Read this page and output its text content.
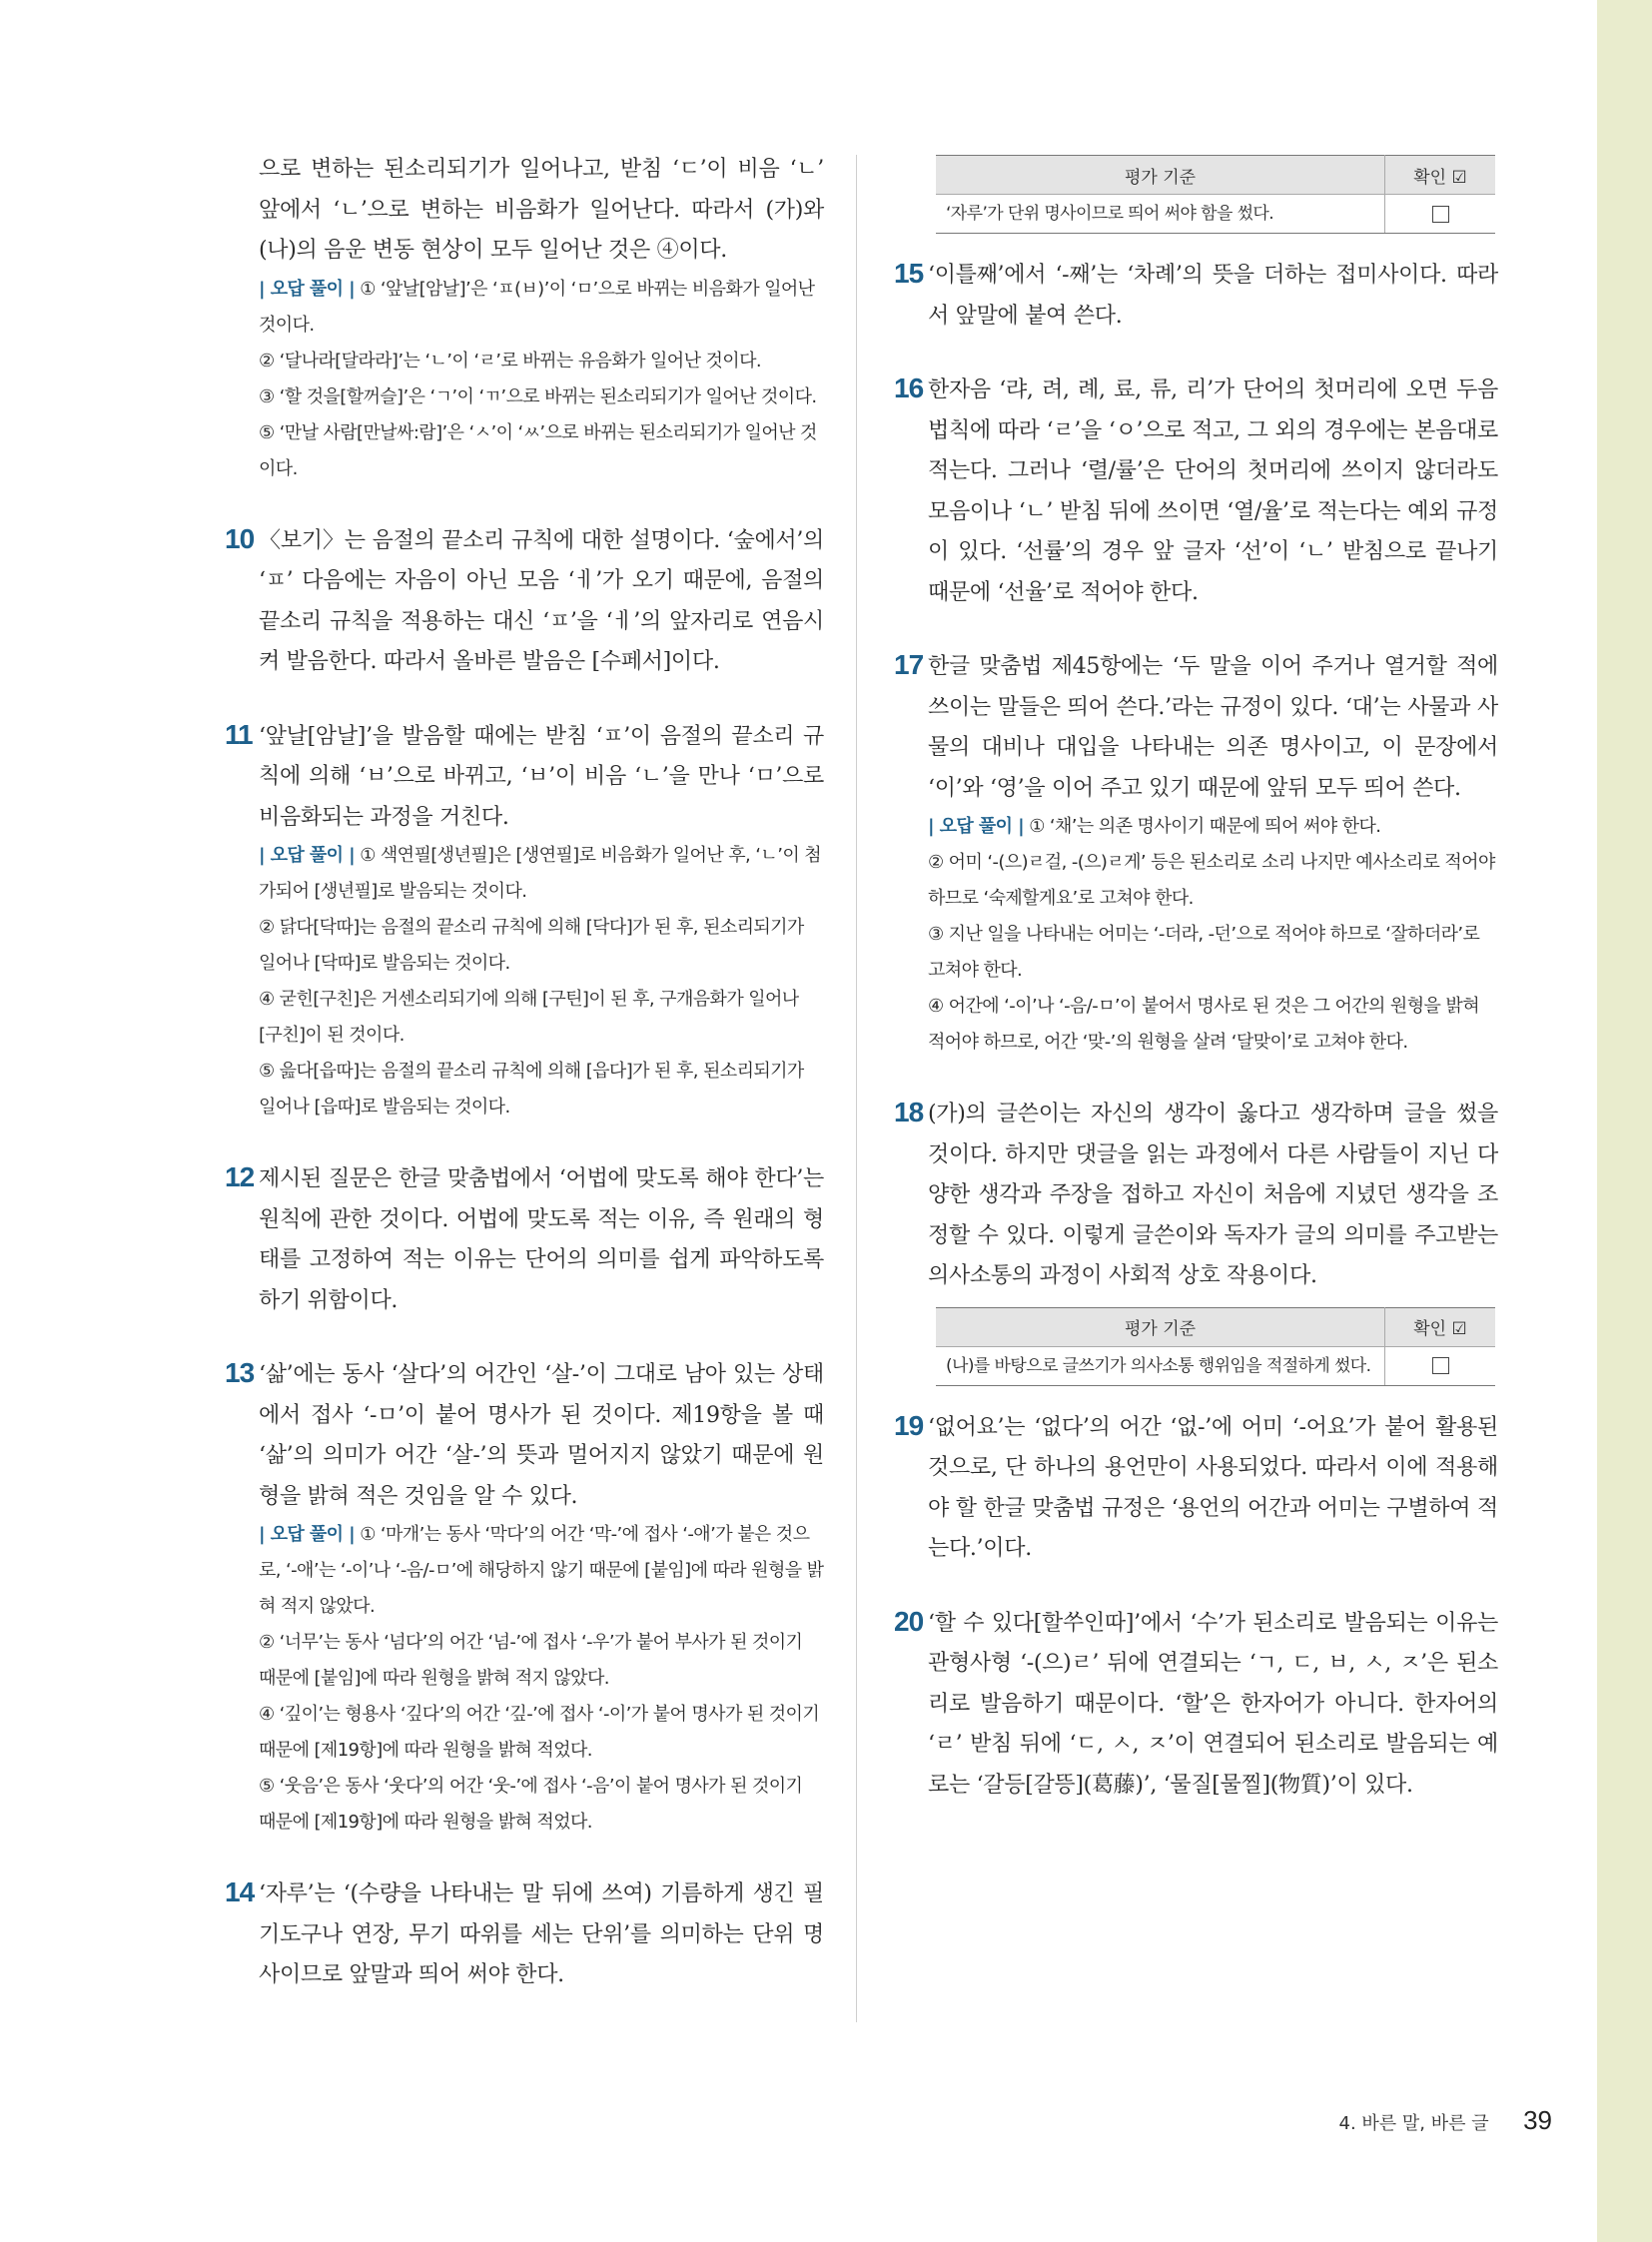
으로 변하는 된소리되기가 일어나고, 받침 ‘ㄷ’이 비음 ‘ㄴ’ 앞에서 ‘ㄴ’으로 변하는 비음화가 일어난다. 따라서 (가)와 (나)의 음운 변동 현상이 모두 일어난 것은 ④이다.
| 오답 풀이 | ① ‘앞날[암날]’은 ‘ㅍ(ㅂ)’이 ‘ㅁ’으로 바뀌는 비음화가 일어난 것이다.
② ‘달나라[달라라]’는 ‘ㄴ’이 ‘ㄹ’로 바뀌는 유음화가 일어난 것이다.
③ ‘할 것을[할꺼슬]’은 ‘ㄱ’이 ‘ㄲ’으로 바뀌는 된소리되기가 일어난 것이다.
⑤ ‘만날 사람[만날싸:람]’은 ‘ㅅ’이 ‘ㅆ’으로 바뀌는 된소리되기가 일어난 것이다.
10 〈보기〉는 음절의 끝소리 규칙에 대한 설명이다. ‘숲에서’의 ‘ㅍ’ 다음에는 자음이 아닌 모음 ‘ㅔ’가 오기 때문에, 음절의 끝소리 규칙을 적용하는 대신 ‘ㅍ’을 ‘ㅔ’의 앞자리로 연음시켜 발음한다. 따라서 올바른 발음은 [수페서]이다.
11 ‘앞날[암날]’을 발음할 때에는 받침 ‘ㅍ’이 음절의 끝소리 규칙에 의해 ‘ㅂ’으로 바뀌고, ‘ㅂ’이 비음 ‘ㄴ’을 만나 ‘ㅁ’으로 비음화되는 과정을 거친다.
| 오답 풀이 | ① 색연필[생년필]은 [생연필]로 비음화가 일어난 후, ‘ㄴ’이 첨가되어 [생년필]로 발음되는 것이다.
② 닭다[닥따]는 음절의 끝소리 규칙에 의해 [닥다]가 된 후, 된소리되기가 일어나 [닥따]로 발음되는 것이다.
④ 굳힌[구친]은 거센소리되기에 의해 [구틴]이 된 후, 구개음화가 일어나 [구친]이 된 것이다.
⑤ 읊다[읍따]는 음절의 끝소리 규칙에 의해 [읍다]가 된 후, 된소리되기가 일어나 [읍따]로 발음되는 것이다.
12 제시된 질문은 한글 맞춤법에서 ‘어법에 맞도록 해야 한다’는 원칙에 관한 것이다. 어법에 맞도록 적는 이유, 즉 원래의 형태를 고정하여 적는 이유는 단어의 의미를 쉽게 파악하도록 하기 위함이다.
13 ‘삶’에는 동사 ‘살다’의 어간인 ‘살-’이 그대로 남아 있는 상태에서 접사 ‘-ㅁ’이 붙어 명사가 된 것이다. 제19항을 볼 때 ‘삶’의 의미가 어간 ‘살-’의 뜻과 멀어지지 않았기 때문에 원형을 밝혀 적은 것임을 알 수 있다.
| 오답 풀이 | ① ‘마개’는 동사 ‘막다’의 어간 ‘막-’에 접사 ‘-애’가 붙은 것으로, ‘-애’는 ‘-이’나 ‘-음/-ㅁ’에 해당하지 않기 때문에 [붙임]에 따라 원형을 밝혀 적지 않았다.
② ‘너무’는 동사 ‘넘다’의 어간 ‘넘-’에 접사 ‘-우’가 붙어 부사가 된 것이기 때문에 [붙임]에 따라 원형을 밝혀 적지 않았다.
④ ‘깊이’는 형용사 ‘깊다’의 어간 ‘깊-’에 접사 ‘-이’가 붙어 명사가 된 것이기 때문에 [제19항]에 따라 원형을 밝혀 적었다.
⑤ ‘웃음’은 동사 ‘웃다’의 어간 ‘웃-’에 접사 ‘-음’이 붙어 명사가 된 것이기 때문에 [제19항]에 따라 원형을 밝혀 적었다.
14 ‘자루’는 ‘(수량을 나타내는 말 뒤에 쓰여) 기름하게 생긴 필기도구나 연장, 무기 따위를 세는 단위’를 의미하는 단위 명사이므로 앞말과 띄어 써야 한다.
평가 기준	확인 ☑
‘자루’가 단위 명사이므로 띄어 써야 함을 썼다.	
15 ‘이틀째’에서 ‘-째’는 ‘차례’의 뜻을 더하는 접미사이다. 따라서 앞말에 붙여 쓴다.
16 한자음 ‘랴, 려, 례, 료, 류, 리’가 단어의 첫머리에 오면 두음 법칙에 따라 ‘ㄹ’을 ‘ㅇ’으로 적고, 그 외의 경우에는 본음대로 적는다. 그러나 ‘렬/률’은 단어의 첫머리에 쓰이지 않더라도 모음이나 ‘ㄴ’ 받침 뒤에 쓰이면 ‘열/율’로 적는다는 예외 규정이 있다. ‘선률’의 경우 앞 글자 ‘선’이 ‘ㄴ’ 받침으로 끝나기 때문에 ‘선율’로 적어야 한다.
17 한글 맞춤법 제45항에는 ‘두 말을 이어 주거나 열거할 적에 쓰이는 말들은 띄어 쓴다.’라는 규정이 있다. ‘대’는 사물과 사물의 대비나 대입을 나타내는 의존 명사이고, 이 문장에서 ‘이’와 ‘영’을 이어 주고 있기 때문에 앞뒤 모두 띄어 쓴다.
| 오답 풀이 | ① ‘채’는 의존 명사이기 때문에 띄어 써야 한다.
② 어미 ‘-(으)ㄹ걸, -(으)ㄹ게’ 등은 된소리로 소리 나지만 예사소리로 적어야 하므로 ‘숙제할게요’로 고쳐야 한다.
③ 지난 일을 나타내는 어미는 ‘-더라, -던’으로 적어야 하므로 ‘잘하더라’로 고쳐야 한다.
④ 어간에 ‘-이’나 ‘-음/-ㅁ’이 붙어서 명사로 된 것은 그 어간의 원형을 밝혀 적어야 하므로, 어간 ‘맞-’의 원형을 살려 ‘달맞이’로 고쳐야 한다.
18 (가)의 글쓴이는 자신의 생각이 옳다고 생각하며 글을 썼을 것이다. 하지만 댓글을 읽는 과정에서 다른 사람들이 지닌 다양한 생각과 주장을 접하고 자신이 처음에 지녔던 생각을 조정할 수 있다. 이렇게 글쓴이와 독자가 글의 의미를 주고받는 의사소통의 과정이 사회적 상호 작용이다.
평가 기준	확인 ☑
(나)를 바탕으로 글쓰기가 의사소통 행위임을 적절하게 썼다.	
19 ‘없어요’는 ‘없다’의 어간 ‘없-’에 어미 ‘-어요’가 붙어 활용된 것으로, 단 하나의 용언만이 사용되었다. 따라서 이에 적용해야 할 한글 맞춤법 규정은 ‘용언의 어간과 어미는 구별하여 적는다.’이다.
20 ‘할 수 있다[할쑤인따]’에서 ‘수’가 된소리로 발음되는 이유는 관형사형 ‘-(으)ㄹ’ 뒤에 연결되는 ‘ㄱ, ㄷ, ㅂ, ㅅ, ㅈ’은 된소리로 발음하기 때문이다. ‘할’은 한자어가 아니다. 한자어의 ‘ㄹ’ 받침 뒤에 ‘ㄷ, ㅅ, ㅈ’이 연결되어 된소리로 발음되는 예로는 ‘갈등[갈뜽](葛藤)’, ‘물질[물찔](物質)’이 있다.
4. 바른 말, 바른 글 39
